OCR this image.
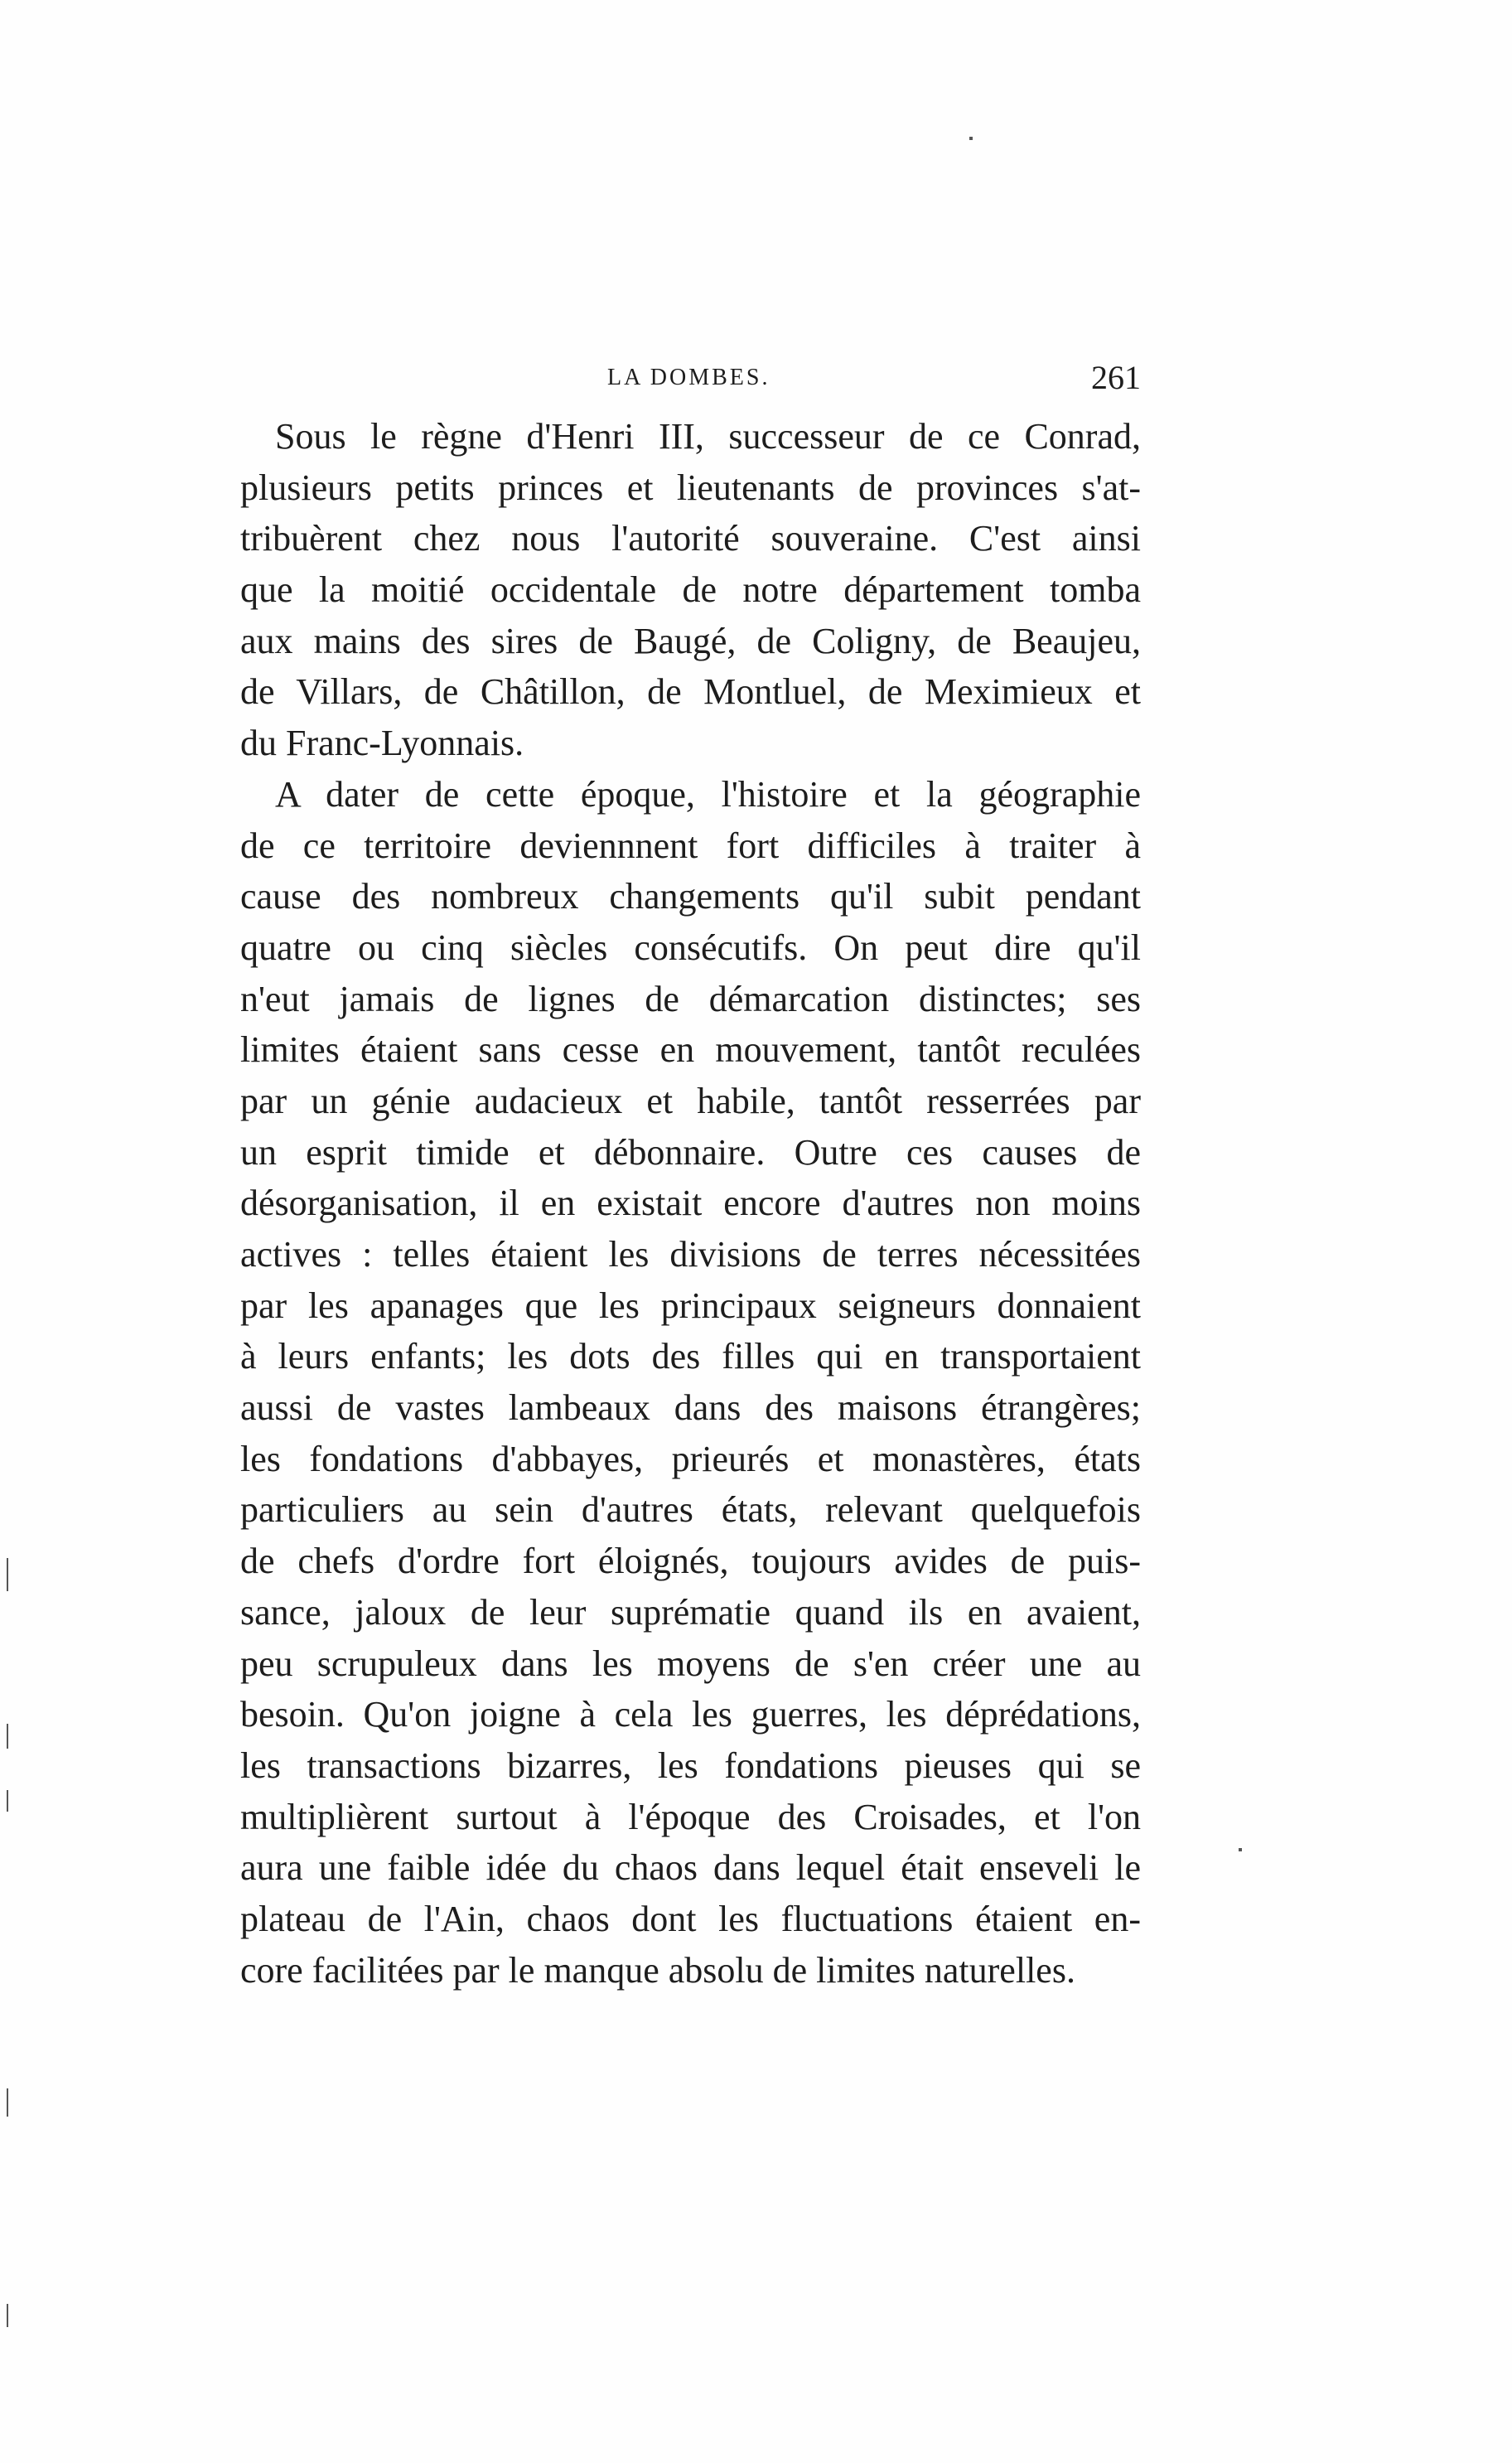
LA DOMBES.	261
Sous le règne d'Henri III, successeur de ce Conrad,
plusieurs petits princes et lieutenants de provinces s'at-
tribuèrent chez nous l'autorité souveraine. C'est ainsi
que la moitié occidentale de notre département tomba
aux mains des sires de Baugé, de Coligny, de Beaujeu,
de Villars, de Châtillon, de Montluel, de Meximieux et
du Franc-Lyonnais.
A dater de cette époque, l'histoire et la géographie
de ce territoire deviennnent fort difficiles à traiter à
cause des nombreux changements qu'il subit pendant
quatre ou cinq siècles consécutifs. On peut dire qu'il
n'eut jamais de lignes de démarcation distinctes; ses
limites étaient sans cesse en mouvement, tantôt reculées
par un génie audacieux et habile, tantôt resserrées par
un esprit timide et débonnaire. Outre ces causes de
désorganisation, il en existait encore d'autres non moins
actives : telles étaient les divisions de terres nécessitées
par les apanages que les principaux seigneurs donnaient
à leurs enfants; les dots des filles qui en transportaient
aussi de vastes lambeaux dans des maisons étrangères;
les fondations d'abbayes, prieurés et monastères, états
particuliers au sein d'autres états, relevant quelquefois
de chefs d'ordre fort éloignés, toujours avides de puis-
sance, jaloux de leur suprématie quand ils en avaient,
peu scrupuleux dans les moyens de s'en créer une au
besoin. Qu'on joigne à cela les guerres, les déprédations,
les transactions bizarres, les fondations pieuses qui se
multiplièrent surtout à l'époque des Croisades, et l'on
aura une faible idée du chaos dans lequel était enseveli le
plateau de l'Ain, chaos dont les fluctuations étaient en-
core facilitées par le manque absolu de limites naturelles.
